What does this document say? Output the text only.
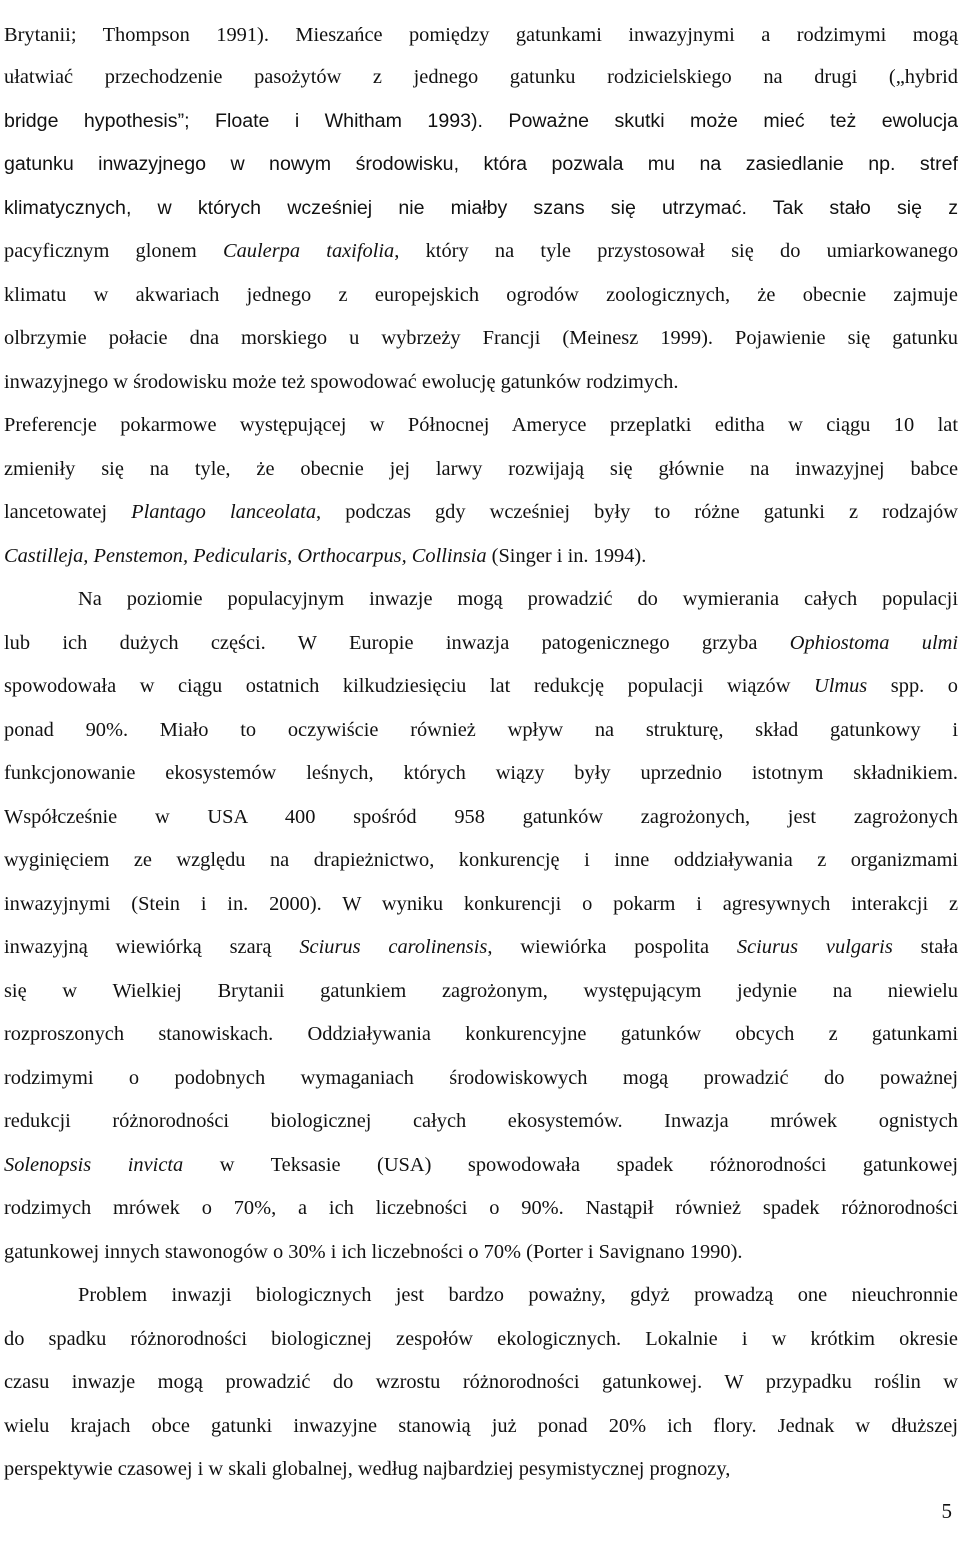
Brytanii; Thompson 1991). Mieszańce pomiędzy gatunkami inwazyjnymi a rodzimymi mogą
ułatwiać przechodzenie pasożytów z jednego gatunku rodzicielskiego na drugi („hybrid
bridge hypothesis”; Floate i Whitham 1993). Poważne skutki może mieć też ewolucja
gatunku inwazyjnego w nowym środowisku, która pozwala mu na zasiedlanie np. stref
klimatycznych, w których wcześniej nie miałby szans się utrzymać. Tak stało się z
pacyficznym glonem Caulerpa taxifolia, który na tyle przystosował się do umiarkowanego
klimatu w akwariach jednego z europejskich ogrodów zoologicznych, że obecnie zajmuje
olbrzymie połacie dna morskiego u wybrzeży Francji (Meinesz 1999). Pojawienie się gatunku
inwazyjnego w środowisku może też spowodować ewolucję gatunków rodzimych.
Preferencje pokarmowe występującej w Północnej Ameryce przeplatki editha w ciągu 10 lat
zmieniły się na tyle, że obecnie jej larwy rozwijają się głównie na inwazyjnej babce
lancetowatej Plantago lanceolata, podczas gdy wcześniej były to różne gatunki z rodzajów
Castilleja, Penstemon, Pedicularis, Orthocarpus, Collinsia (Singer i in. 1994).
Na poziomie populacyjnym inwazje mogą prowadzić do wymierania całych populacji
lub ich dużych części. W Europie inwazja patogenicznego grzyba Ophiostoma ulmi
spowodowała w ciągu ostatnich kilkudziesięciu lat redukcję populacji wiązów Ulmus spp. o
ponad 90%. Miało to oczywiście również wpływ na strukturę, skład gatunkowy i
funkcjonowanie ekosystemów leśnych, których wiązy były uprzednio istotnym składnikiem.
Współcześnie w USA 400 spośród 958 gatunków zagrożonych, jest zagrożonych
wyginięciem ze względu na drapieżnictwo, konkurencję i inne oddziaływania z organizmami
inwazyjnymi (Stein i in. 2000). W wyniku konkurencji o pokarm i agresywnych interakcji z
inwazyjną wiewiórką szarą Sciurus carolinensis, wiewiórka pospolita Sciurus vulgaris stała
się w Wielkiej Brytanii gatunkiem zagrożonym, występującym jedynie na niewielu
rozproszonych stanowiskach. Oddziaływania konkurencyjne gatunków obcych z gatunkami
rodzimymi o podobnych wymaganiach środowiskowych mogą prowadzić do poważnej
redukcji różnorodności biologicznej całych ekosystemów. Inwazja mrówek ognistych
Solenopsis invicta w Teksasie (USA) spowodowała spadek różnorodności gatunkowej
rodzimych mrówek o 70%, a ich liczebności o 90%. Nastąpił również spadek różnorodności
gatunkowej innych stawonogów o 30% i ich liczebności o 70% (Porter i Savignano 1990).
Problem inwazji biologicznych jest bardzo poważny, gdyż prowadzą one nieuchronnie
do spadku różnorodności biologicznej zespołów ekologicznych. Lokalnie i w krótkim okresie
czasu inwazje mogą prowadzić do wzrostu różnorodności gatunkowej. W przypadku roślin w
wielu krajach obce gatunki inwazyjne stanowią już ponad 20% ich flory. Jednak w dłuższej
perspektywie czasowej i w skali globalnej, według najbardziej pesymistycznej prognozy,
5
